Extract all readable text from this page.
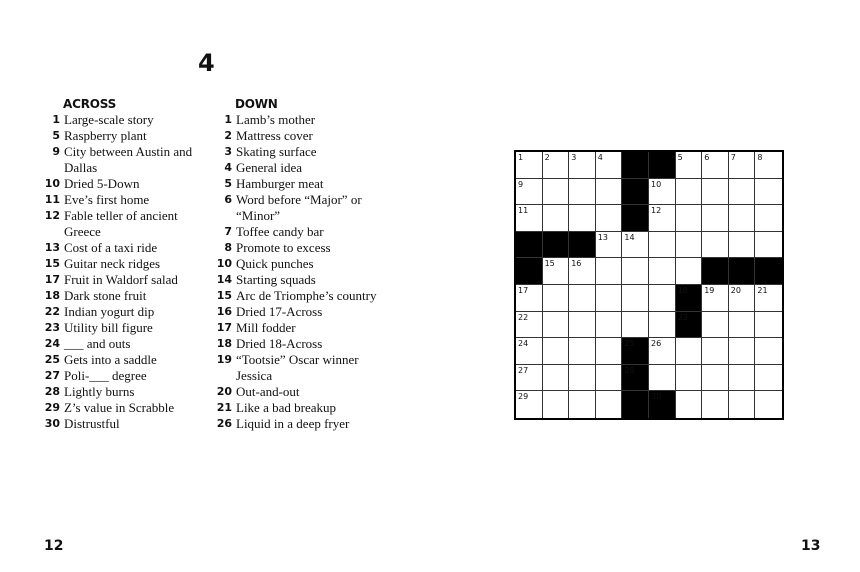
4
ACROSS
1 Large-scale story
5 Raspberry plant
9 City between Austin and Dallas
10 Dried 5-Down
11 Eve’s first home
12 Fable teller of ancient Greece
13 Cost of a taxi ride
15 Guitar neck ridges
17 Fruit in Waldorf salad
18 Dark stone fruit
22 Indian yogurt dip
23 Utility bill figure
24 ___ and outs
25 Gets into a saddle
27 Poli-___ degree
28 Lightly burns
29 Z’s value in Scrabble
30 Distrustful
DOWN
1 Lamb’s mother
2 Mattress cover
3 Skating surface
4 General idea
5 Hamburger meat
6 Word before “Major” or “Minor”
7 Toffee candy bar
8 Promote to excess
10 Quick punches
14 Starting squads
15 Arc de Triomphe’s country
16 Dried 17-Across
17 Mill fodder
18 Dried 18-Across
19 “Tootsie” Oscar winner Jessica
20 Out-and-out
21 Like a bad breakup
26 Liquid in a deep fryer
1	2	3	4	5	6	7	8
9	10
11	12
13 14
15 16
17	18 19 20 21
22	23
24	25 26
27	28
29	30
12	13
